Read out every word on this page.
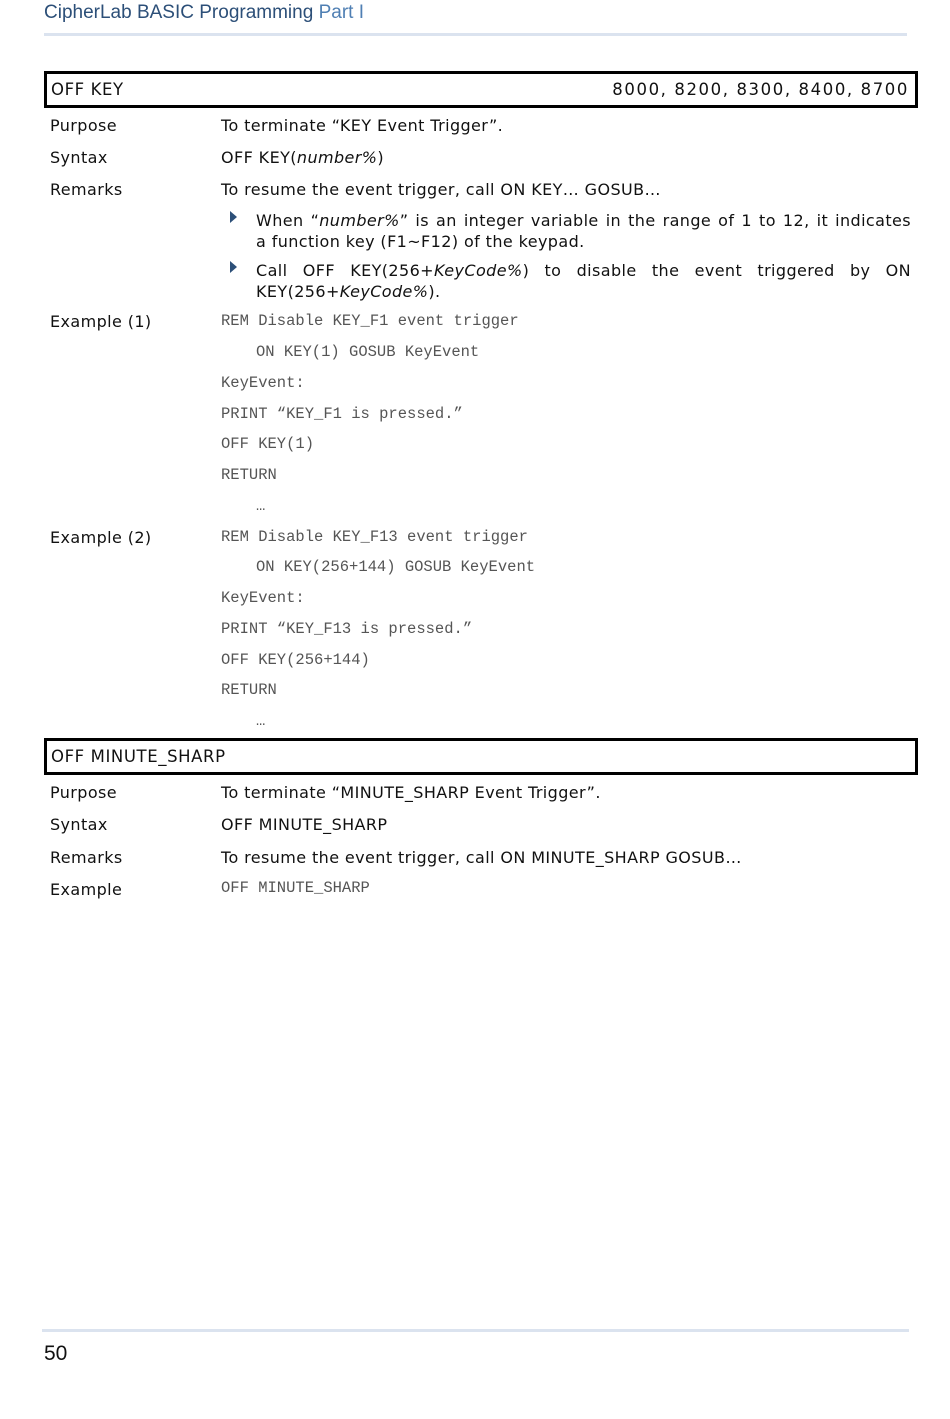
CipherLab BASIC Programming Part I
OFF KEY	8000, 8200, 8300, 8400, 8700
Purpose	To terminate “KEY Event Trigger”.
Syntax	OFF KEY(number%)
Remarks	To resume the event trigger, call ON KEY… GOSUB…
When “number%” is an integer variable in the range of 1 to 12, it indicates
a function key (F1~F12) of the keypad.
Call OFF KEY(256+KeyCode%) to disable the event triggered by ON
KEY(256+KeyCode%).
Example (1)	REM Disable KEY_F1 event trigger
ON KEY(1) GOSUB KeyEvent
KeyEvent:
PRINT “KEY_F1 is pressed.”
OFF KEY(1)
RETURN
…
Example (2)	REM Disable KEY_F13 event trigger
ON KEY(256+144) GOSUB KeyEvent
KeyEvent:
PRINT “KEY_F13 is pressed.”
OFF KEY(256+144)
RETURN
…
OFF MINUTE_SHARP
Purpose	To terminate “MINUTE_SHARP Event Trigger”.
Syntax	OFF MINUTE_SHARP
Remarks	To resume the event trigger, call ON MINUTE_SHARP GOSUB…
Example	OFF MINUTE_SHARP
50
